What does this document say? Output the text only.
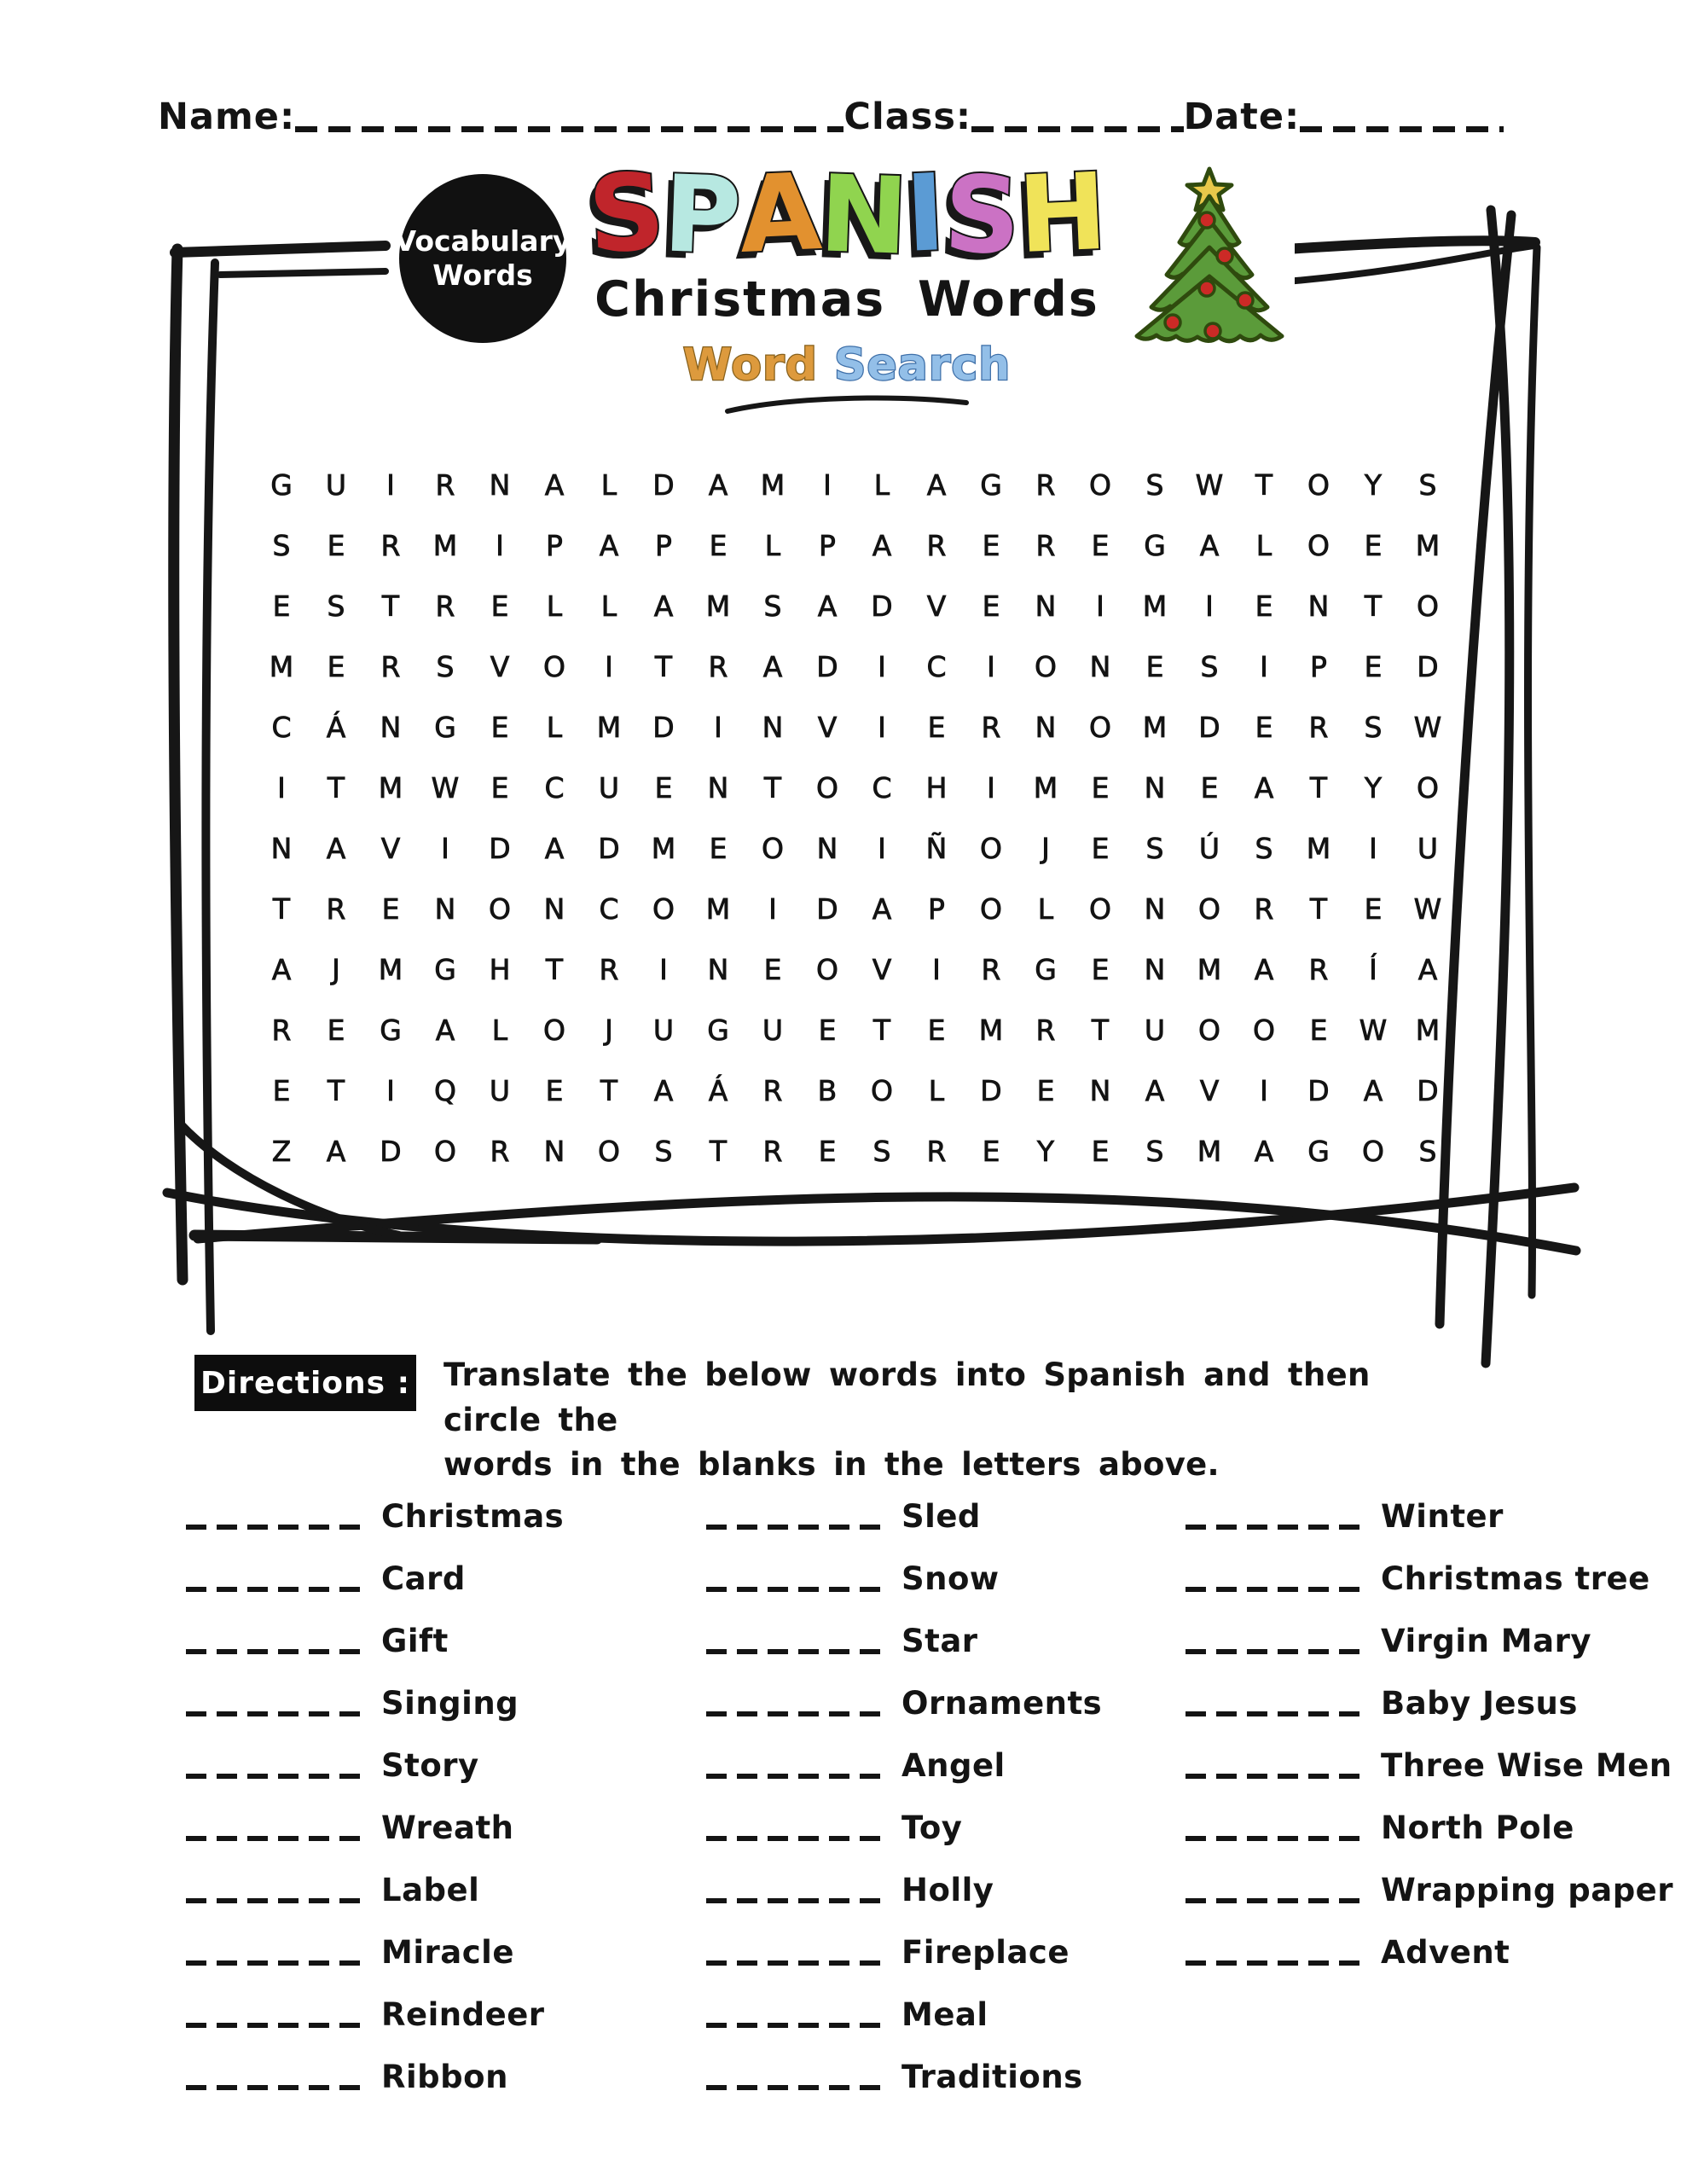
Name:	Class:	Date:
Vocabulary
Words SPANISH
Christmas Words
Word Search
G U I R N A L D A M I L A G R O S W T O Y S
S E R M I P A P E L P A R E R E G A L O E M
E S T R E L L A M S A D V E N I M I E N T O
M E R S V O I T R A D I C I O N E S I P E D
C Á N G E L M D I N V I E R N O M D E R S W
I T M W E C U E N T O C H I M E N E A T Y O
N A V I D A D M E O N I Ñ O J E S Ú S M I U
T R E N O N C O M I D A P O L O N O R T E W
A J M G H T R I N E O V I R G E N M A R Í A
R E G A L O J U G U E T E M R T U O O E W M
E T I Q U E T A Á R B O L D E N A V I D A D
Z A D O R N O S T R E S R E Y E S M A G O S
Directions : Translate the below words into Spanish and then circle the
words in the blanks in the letters above.
Christmas
Card
Gift
Singing
Story
Wreath
Label
Miracle
Reindeer
Ribbon
Sled
Snow
Star
Ornaments
Angel
Toy
Holly
Fireplace
Meal
Traditions
Winter
Christmas tree
Virgin Mary
Baby Jesus
Three Wise Men
North Pole
Wrapping paper
Advent
